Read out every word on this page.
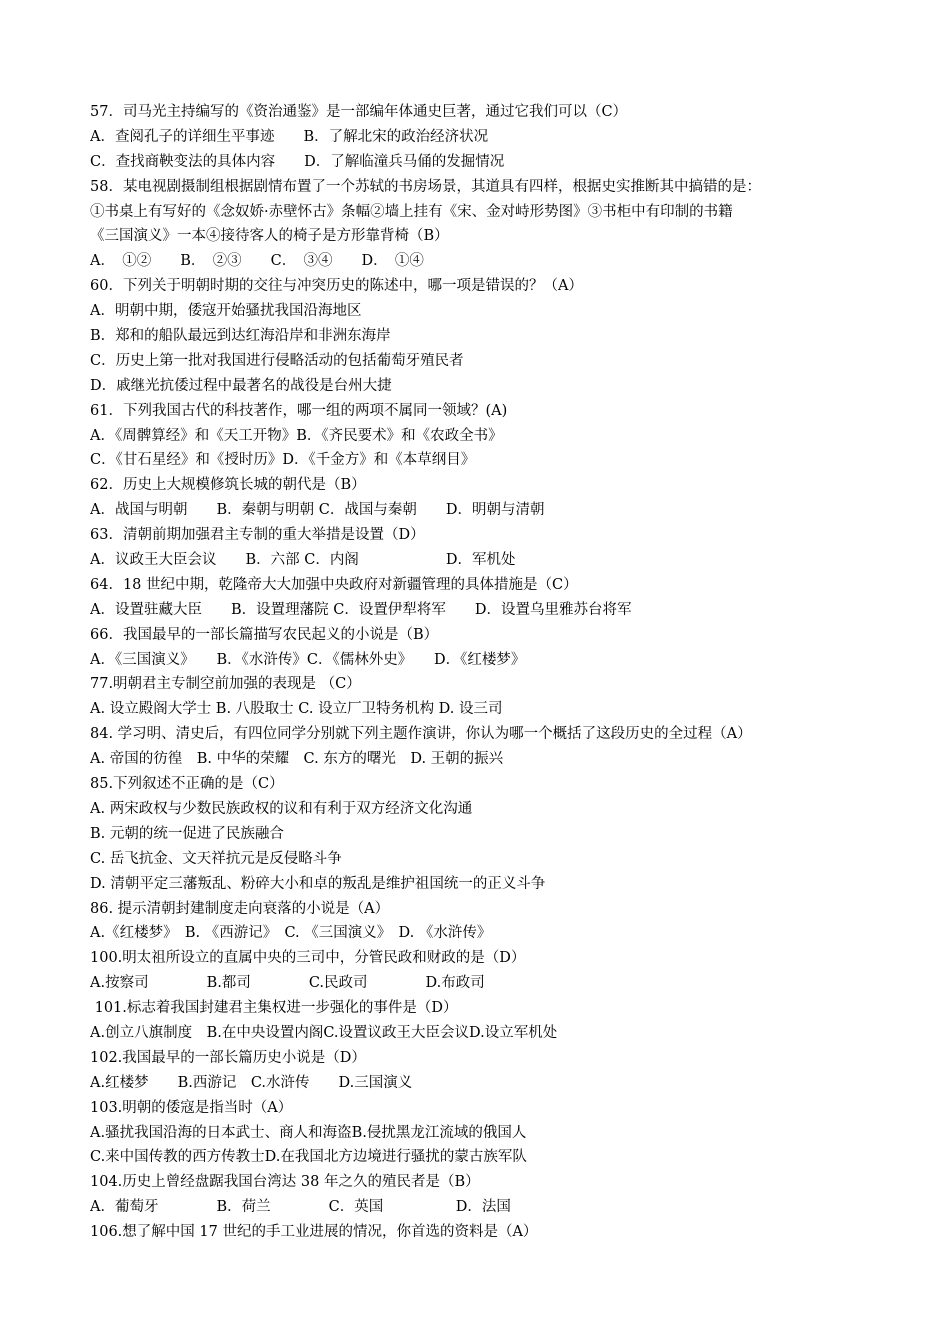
57．司马光主持编写的《资治通鉴》是一部编年体通史巨著，通过它我们可以（C）
A．查阅孔子的详细生平事迹　　B．了解北宋的政治经济状况
C．查找商鞅变法的具体内容　　D．了解临潼兵马俑的发掘情况
58．某电视剧摄制组根据剧情布置了一个苏轼的书房场景，其道具有四样，根据史实推断其中搞错的是：
①书桌上有写好的《念奴娇·赤壁怀古》条幅②墙上挂有《宋、金对峙形势图》③书柜中有印制的书籍
《三国演义》一本④接待客人的椅子是方形靠背椅（B）
A．　①②　　B．　②③　　C．　③④　　D．　①④
60．下列关于明朝时期的交往与冲突历史的陈述中，哪一项是错误的？（A）
A．明朝中期，倭寇开始骚扰我国沿海地区
B．郑和的船队最远到达红海沿岸和非洲东海岸
C．历史上第一批对我国进行侵略活动的包括葡萄牙殖民者
D．戚继光抗倭过程中最著名的战役是台州大捷
61．下列我国古代的科技著作，哪一组的两项不属同一领域？(A)
A．《周髀算经》和《天工开物》B．《齐民要术》和《农政全书》
C．《甘石星经》和《授时历》D．《千金方》和《本草纲目》
62．历史上大规模修筑长城的朝代是（B）
A．战国与明朝　　B．秦朝与明朝 C．战国与秦朝　　D．明朝与清朝
63．清朝前期加强君主专制的重大举措是设置（D）
A．议政王大臣会议　　B．六部 C．内阁　　　　　　D．军机处
64．18 世纪中期，乾隆帝大大加强中央政府对新疆管理的具体措施是（C）
A．设置驻藏大臣　　B．设置理藩院 C．设置伊犁将军　　D．设置乌里雅苏台将军
66．我国最早的一部长篇描写农民起义的小说是（B）
A．《三国演义》　　B．《水浒传》C．《儒林外史》　　D．《红楼梦》
77.明朝君主专制空前加强的表现是 （C）
A. 设立殿阁大学士 B. 八股取士 C. 设立厂卫特务机构 D. 设三司
84. 学习明、清史后，有四位同学分别就下列主题作演讲，你认为哪一个概括了这段历史的全过程（A）
A. 帝国的彷徨　B. 中华的荣耀　C. 东方的曙光　D. 王朝的振兴
85.下列叙述不正确的是（C）
A. 两宋政权与少数民族政权的议和有利于双方经济文化沟通
B. 元朝的统一促进了民族融合
C. 岳飞抗金、文天祥抗元是反侵略斗争
D. 清朝平定三藩叛乱、粉碎大小和卓的叛乱是维护祖国统一的正义斗争
86. 提示清朝封建制度走向衰落的小说是（A）
A.《红楼梦》　B. 《西游记》　C. 《三国演义》　D. 《水浒传》
100.明太祖所设立的直属中央的三司中，分管民政和财政的是（D）
A.按察司　　　　B.都司　　　　C.民政司　　　　D.布政司
101.标志着我国封建君主集权进一步强化的事件是（D）
A.创立八旗制度　B.在中央设置内阁C.设置议政王大臣会议D.设立军机处
102.我国最早的一部长篇历史小说是（D）
A.红楼梦　　B.西游记　C.水浒传　　D.三国演义
103.明朝的倭寇是指当时（A）
A.骚扰我国沿海的日本武士、商人和海盗B.侵扰黑龙江流域的俄国人
C.来中国传教的西方传教士D.在我国北方边境进行骚扰的蒙古族军队
104.历史上曾经盘踞我国台湾达 38 年之久的殖民者是（B）
A．葡萄牙　　　　B．荷兰　　　　C．英国　　　　　D．法国
106.想了解中国 17 世纪的手工业进展的情况，你首选的资料是（A）
